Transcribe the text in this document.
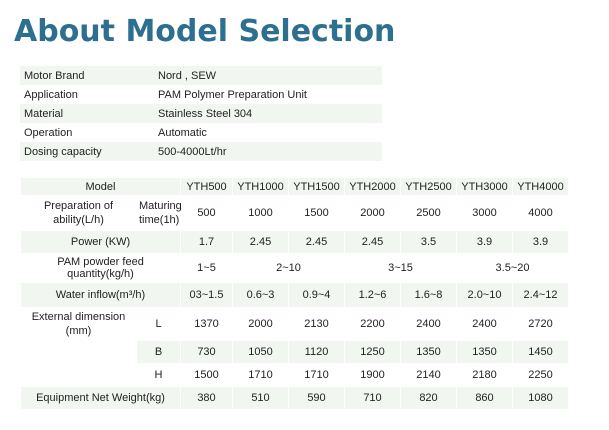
About Model Selection
Motor Brand	Nord , SEW
Application	PAM Polymer Preparation Unit
Material	Stainless Steel 304
Operation	Automatic
Dosing capacity	500-4000Lt/hr
Model		YTH500	YTH1000	YTH1500	YTH2000	YTH2500	YTH3000	YTH4000
Preparation of ability(L/h)	Maturing time(1h)	500	1000	1500	2000	2500	3000	4000
Power (KW)		1.7	2.45	2.45	2.45	3.5	3.9	3.9
PAM powder feed quantity(kg/h)		1~5	2~10		3~15		3.5~20	
Water inflow(m³/h)		03~1.5	0.6~3	0.9~4	1.2~6	1.6~8	2.0~10	2.4~12
External dimension (mm)	L	1370	2000	2130	2200	2400	2400	2720
	B	730	1050	1120	1250	1350	1350	1450
	H	1500	1710	1710	1900	2140	2180	2250
Equipment Net Weight(kg)		380	510	590	710	820	860	1080
